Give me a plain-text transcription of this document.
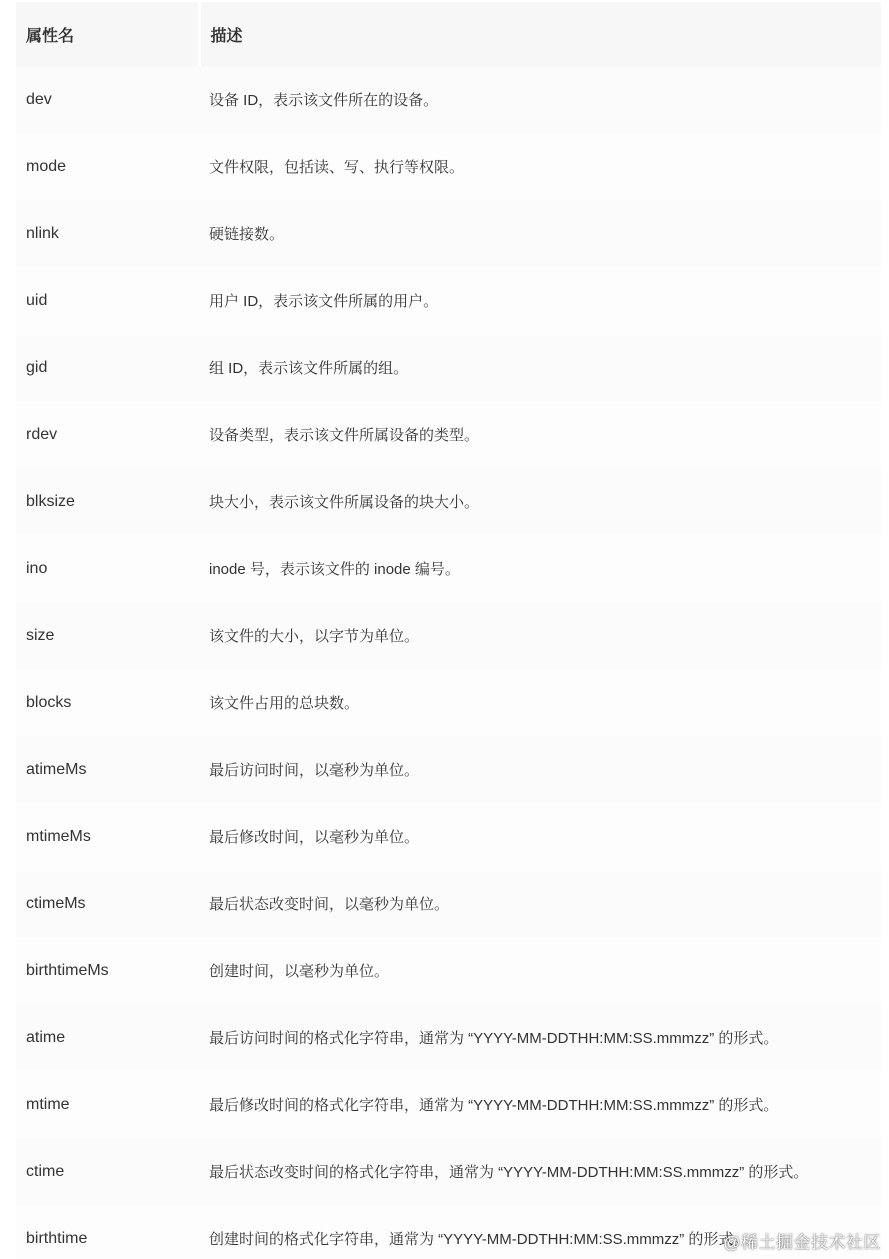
属性名	描述
dev	设备 ID，表示该文件所在的设备。
mode	文件权限，包括读、写、执行等权限。
nlink	硬链接数。
uid	用户 ID，表示该文件所属的用户。
gid	组 ID，表示该文件所属的组。
rdev	设备类型，表示该文件所属设备的类型。
blksize	块大小，表示该文件所属设备的块大小。
ino	inode 号，表示该文件的 inode 编号。
size	该文件的大小，以字节为单位。
blocks	该文件占用的总块数。
atimeMs	最后访问时间，以毫秒为单位。
mtimeMs	最后修改时间，以毫秒为单位。
ctimeMs	最后状态改变时间，以毫秒为单位。
birthtimeMs	创建时间，以毫秒为单位。
atime	最后访问时间的格式化字符串，通常为 “YYYY-MM-DDTHH:MM:SS.mmmzz” 的形式。
mtime	最后修改时间的格式化字符串，通常为 “YYYY-MM-DDTHH:MM:SS.mmmzz” 的形式。
ctime	最后状态改变时间的格式化字符串，通常为 “YYYY-MM-DDTHH:MM:SS.mmmzz” 的形式。
birthtime	创建时间的格式化字符串，通常为 “YYYY-MM-DDTHH:MM:SS.mmmzz” 的形式。
@稀土掘金技术社区
